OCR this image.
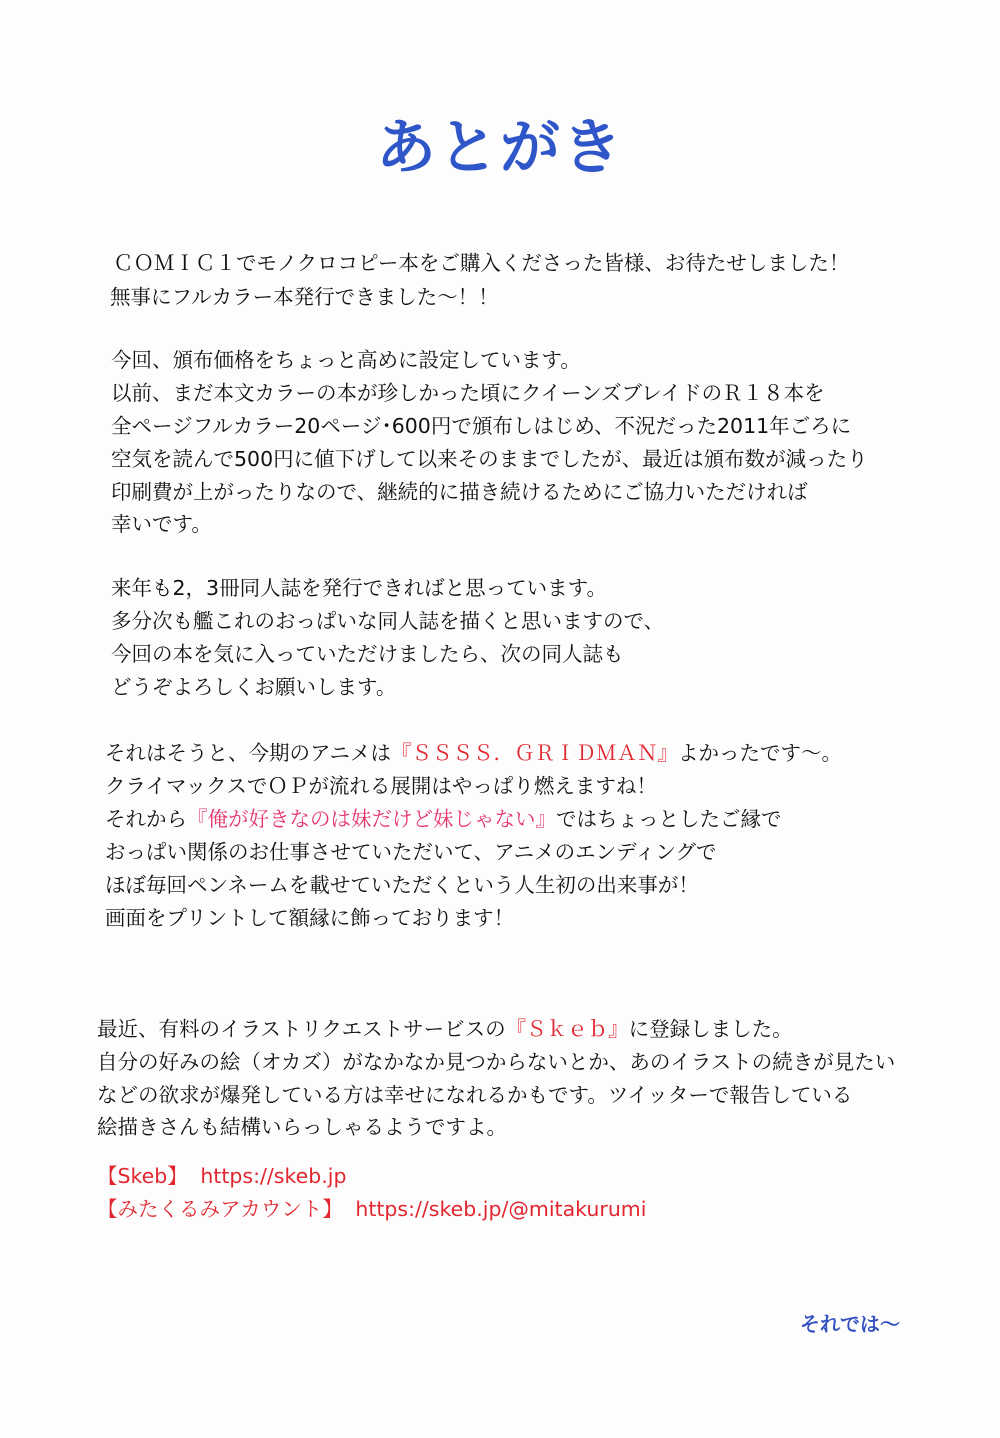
あとがき
ＣＯＭＩＣ１でモノクロコピー本をご購入くださった皆様、お待たせしました！
無事にフルカラー本発行できました～！！
今回、頒布価格をちょっと高めに設定しています。
以前、まだ本文カラーの本が珍しかった頃にクイーンズブレイドのＲ１８本を
全ページフルカラー20ページ･600円で頒布しはじめ、不況だった2011年ごろに
空気を読んで500円に値下げして以来そのままでしたが、最近は頒布数が減ったり
印刷費が上がったりなので、継続的に描き続けるためにご協力いただければ
幸いです。
来年も2，3冊同人誌を発行できればと思っています。
多分次も艦これのおっぱいな同人誌を描くと思いますので、
今回の本を気に入っていただけましたら、次の同人誌も
どうぞよろしくお願いします。
それはそうと、今期のアニメは『ＳＳＳＳ．ＧＲＩＤＭＡＮ』よかったです～。
クライマックスでＯＰが流れる展開はやっぱり燃えますね！
それから『俺が好きなのは妹だけど妹じゃない』ではちょっとしたご縁で
おっぱい関係のお仕事させていただいて、アニメのエンディングで
ほぼ毎回ペンネームを載せていただくという人生初の出来事が！
画面をプリントして額縁に飾っております！
最近、有料のイラストリクエストサービスの『Ｓｋｅｂ』に登録しました。
自分の好みの絵（オカズ）がなかなか見つからないとか、あのイラストの続きが見たい
などの欲求が爆発している方は幸せになれるかもです。ツイッターで報告している
絵描きさんも結構いらっしゃるようですよ。
【Skeb】 https://skeb.jp
【みたくるみアカウント】 https://skeb.jp/@mitakurumi
それでは～
